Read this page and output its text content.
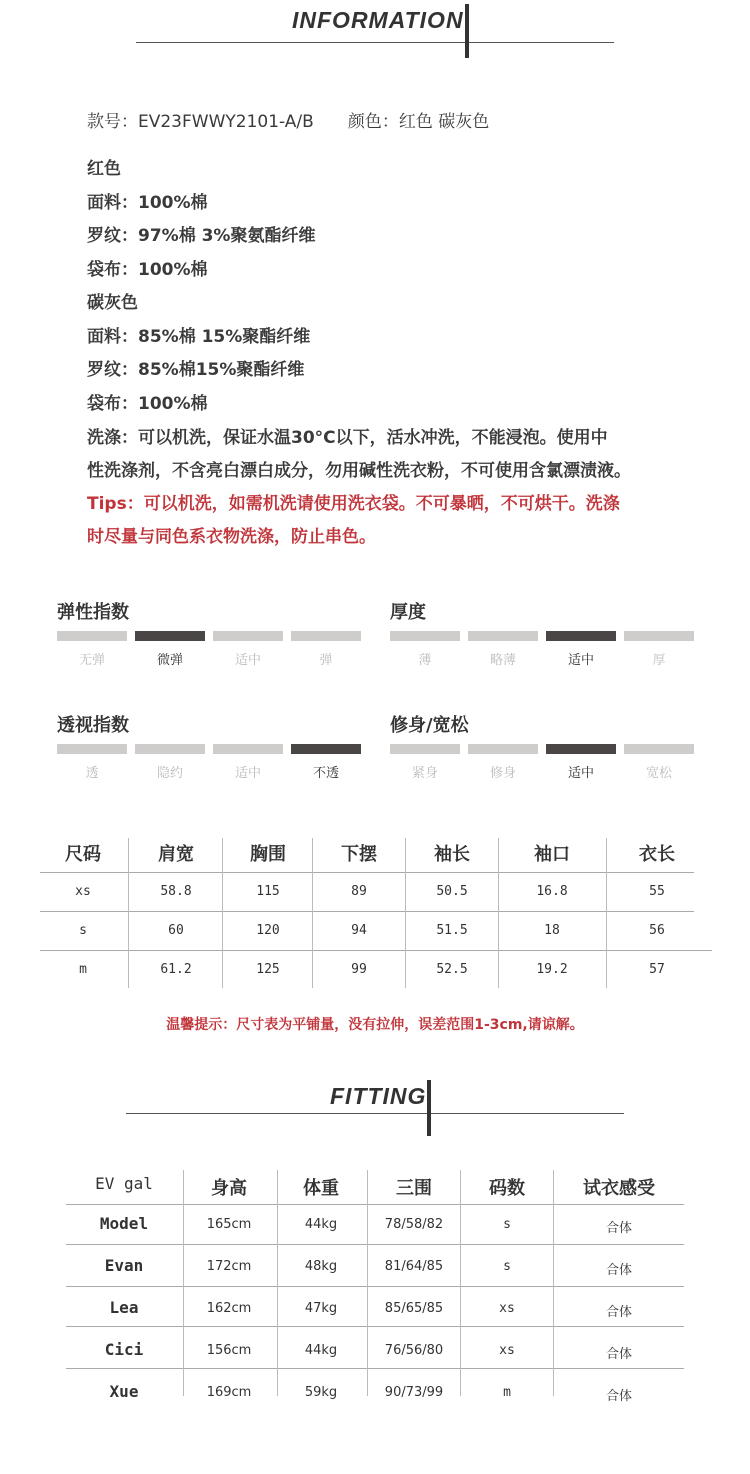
INFORMATION
款号：EV23FWWY2101-A/B　　颜色：红色 碳灰色
红色
面料：100%棉
罗纹：97%棉 3%聚氨酯纤维
袋布：100%棉
碳灰色
面料：85%棉 15%聚酯纤维
罗纹：85%棉15%聚酯纤维
袋布：100%棉
洗涤：可以机洗，保证水温30°C以下，活水冲洗，不能浸泡。使用中
性洗涤剂，不含亮白漂白成分，勿用碱性洗衣粉，不可使用含氯漂渍液。
Tips：可以机洗，如需机洗请使用洗衣袋。不可暴晒，不可烘干。洗涤
时尽量与同色系衣物洗涤，防止串色。
弹性指数
无弹	微弹	适中	弹
厚度
薄	略薄	适中	厚
透视指数
透	隐约	适中	不透
修身/宽松
紧身	修身	适中	宽松
尺码	肩宽	胸围	下摆	袖长	袖口	衣长
xs	58.8	115	89	50.5	16.8	55
s	60	120	94	51.5	18	56
m	61.2	125	99	52.5	19.2	57
温馨提示：尺寸表为平铺量，没有拉伸，误差范围1-3cm,请谅解。
FITTING
EV gal	身高	体重	三围	码数	试衣感受
Model	165cm	44kg	78/58/82	s	合体
Evan	172cm	48kg	81/64/85	s	合体
Lea	162cm	47kg	85/65/85	xs	合体
Cici	156cm	44kg	76/56/80	xs	合体
Xue	169cm	59kg	90/73/99	m	合体
